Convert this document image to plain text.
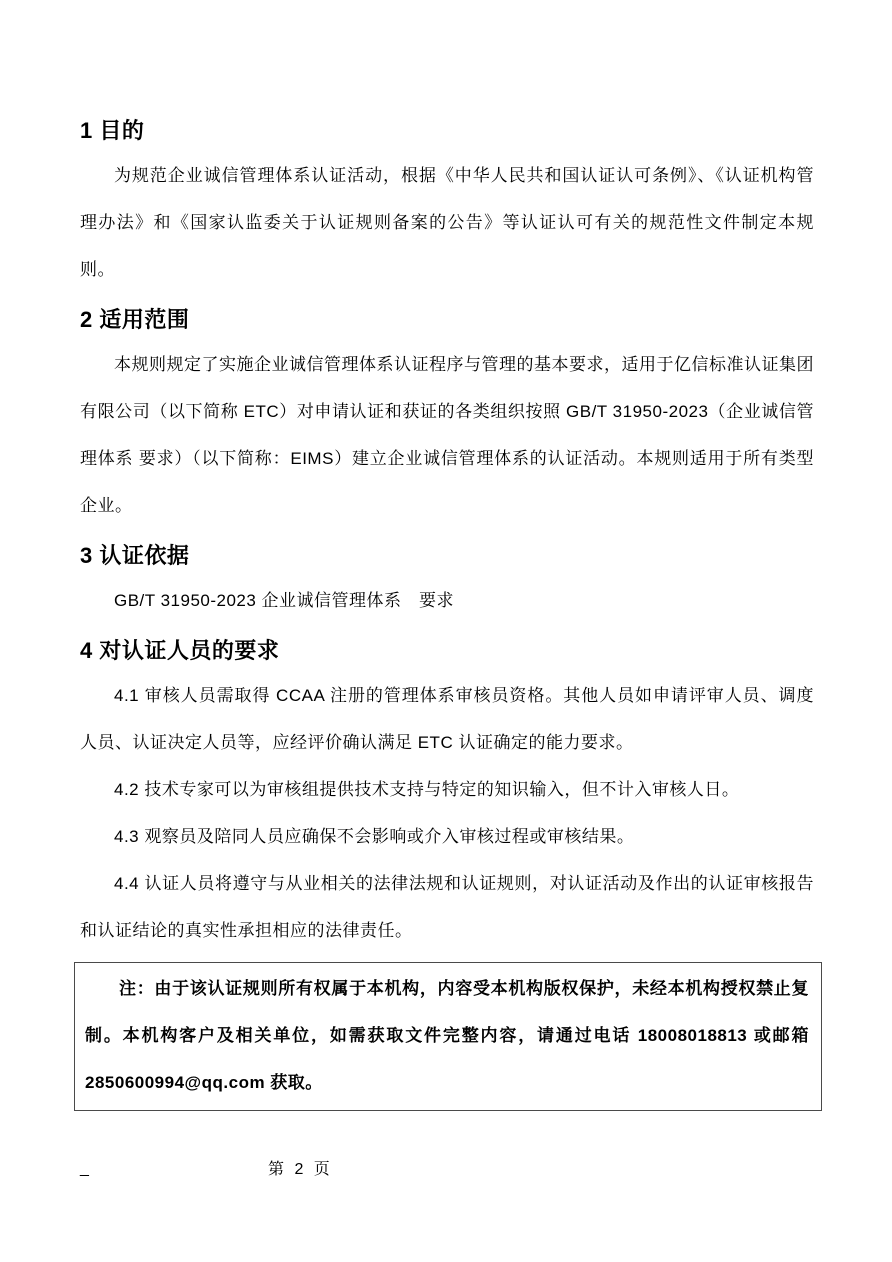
1 目的

为规范企业诚信管理体系认证活动，根据《中华人民共和国认证认可条例》、《认证机构管理办法》和《国家认监委关于认证规则备案的公告》等认证认可有关的规范性文件制定本规则。

2 适用范围

本规则规定了实施企业诚信管理体系认证程序与管理的基本要求，适用于亿信标准认证集团有限公司（以下简称 ETC）对申请认证和获证的各类组织按照 GB/T 31950-2023（企业诚信管理体系 要求）（以下简称：EIMS）建立企业诚信管理体系的认证活动。本规则适用于所有类型企业。

3 认证依据

GB/T 31950-2023 企业诚信管理体系　要求

4 对认证人员的要求

4.1 审核人员需取得 CCAA 注册的管理体系审核员资格。其他人员如申请评审人员、调度人员、认证决定人员等，应经评价确认满足 ETC 认证确定的能力要求。

4.2 技术专家可以为审核组提供技术支持与特定的知识输入，但不计入审核人日。

4.3 观察员及陪同人员应确保不会影响或介入审核过程或审核结果。

4.4 认证人员将遵守与从业相关的法律法规和认证规则，对认证活动及作出的认证审核报告和认证结论的真实性承担相应的法律责任。

注：由于该认证规则所有权属于本机构，内容受本机构版权保护，未经本机构授权禁止复制。本机构客户及相关单位，如需获取文件完整内容，请通过电话 18008018813 或邮箱 2850600994@qq.com 获取。

_	第 2 页
